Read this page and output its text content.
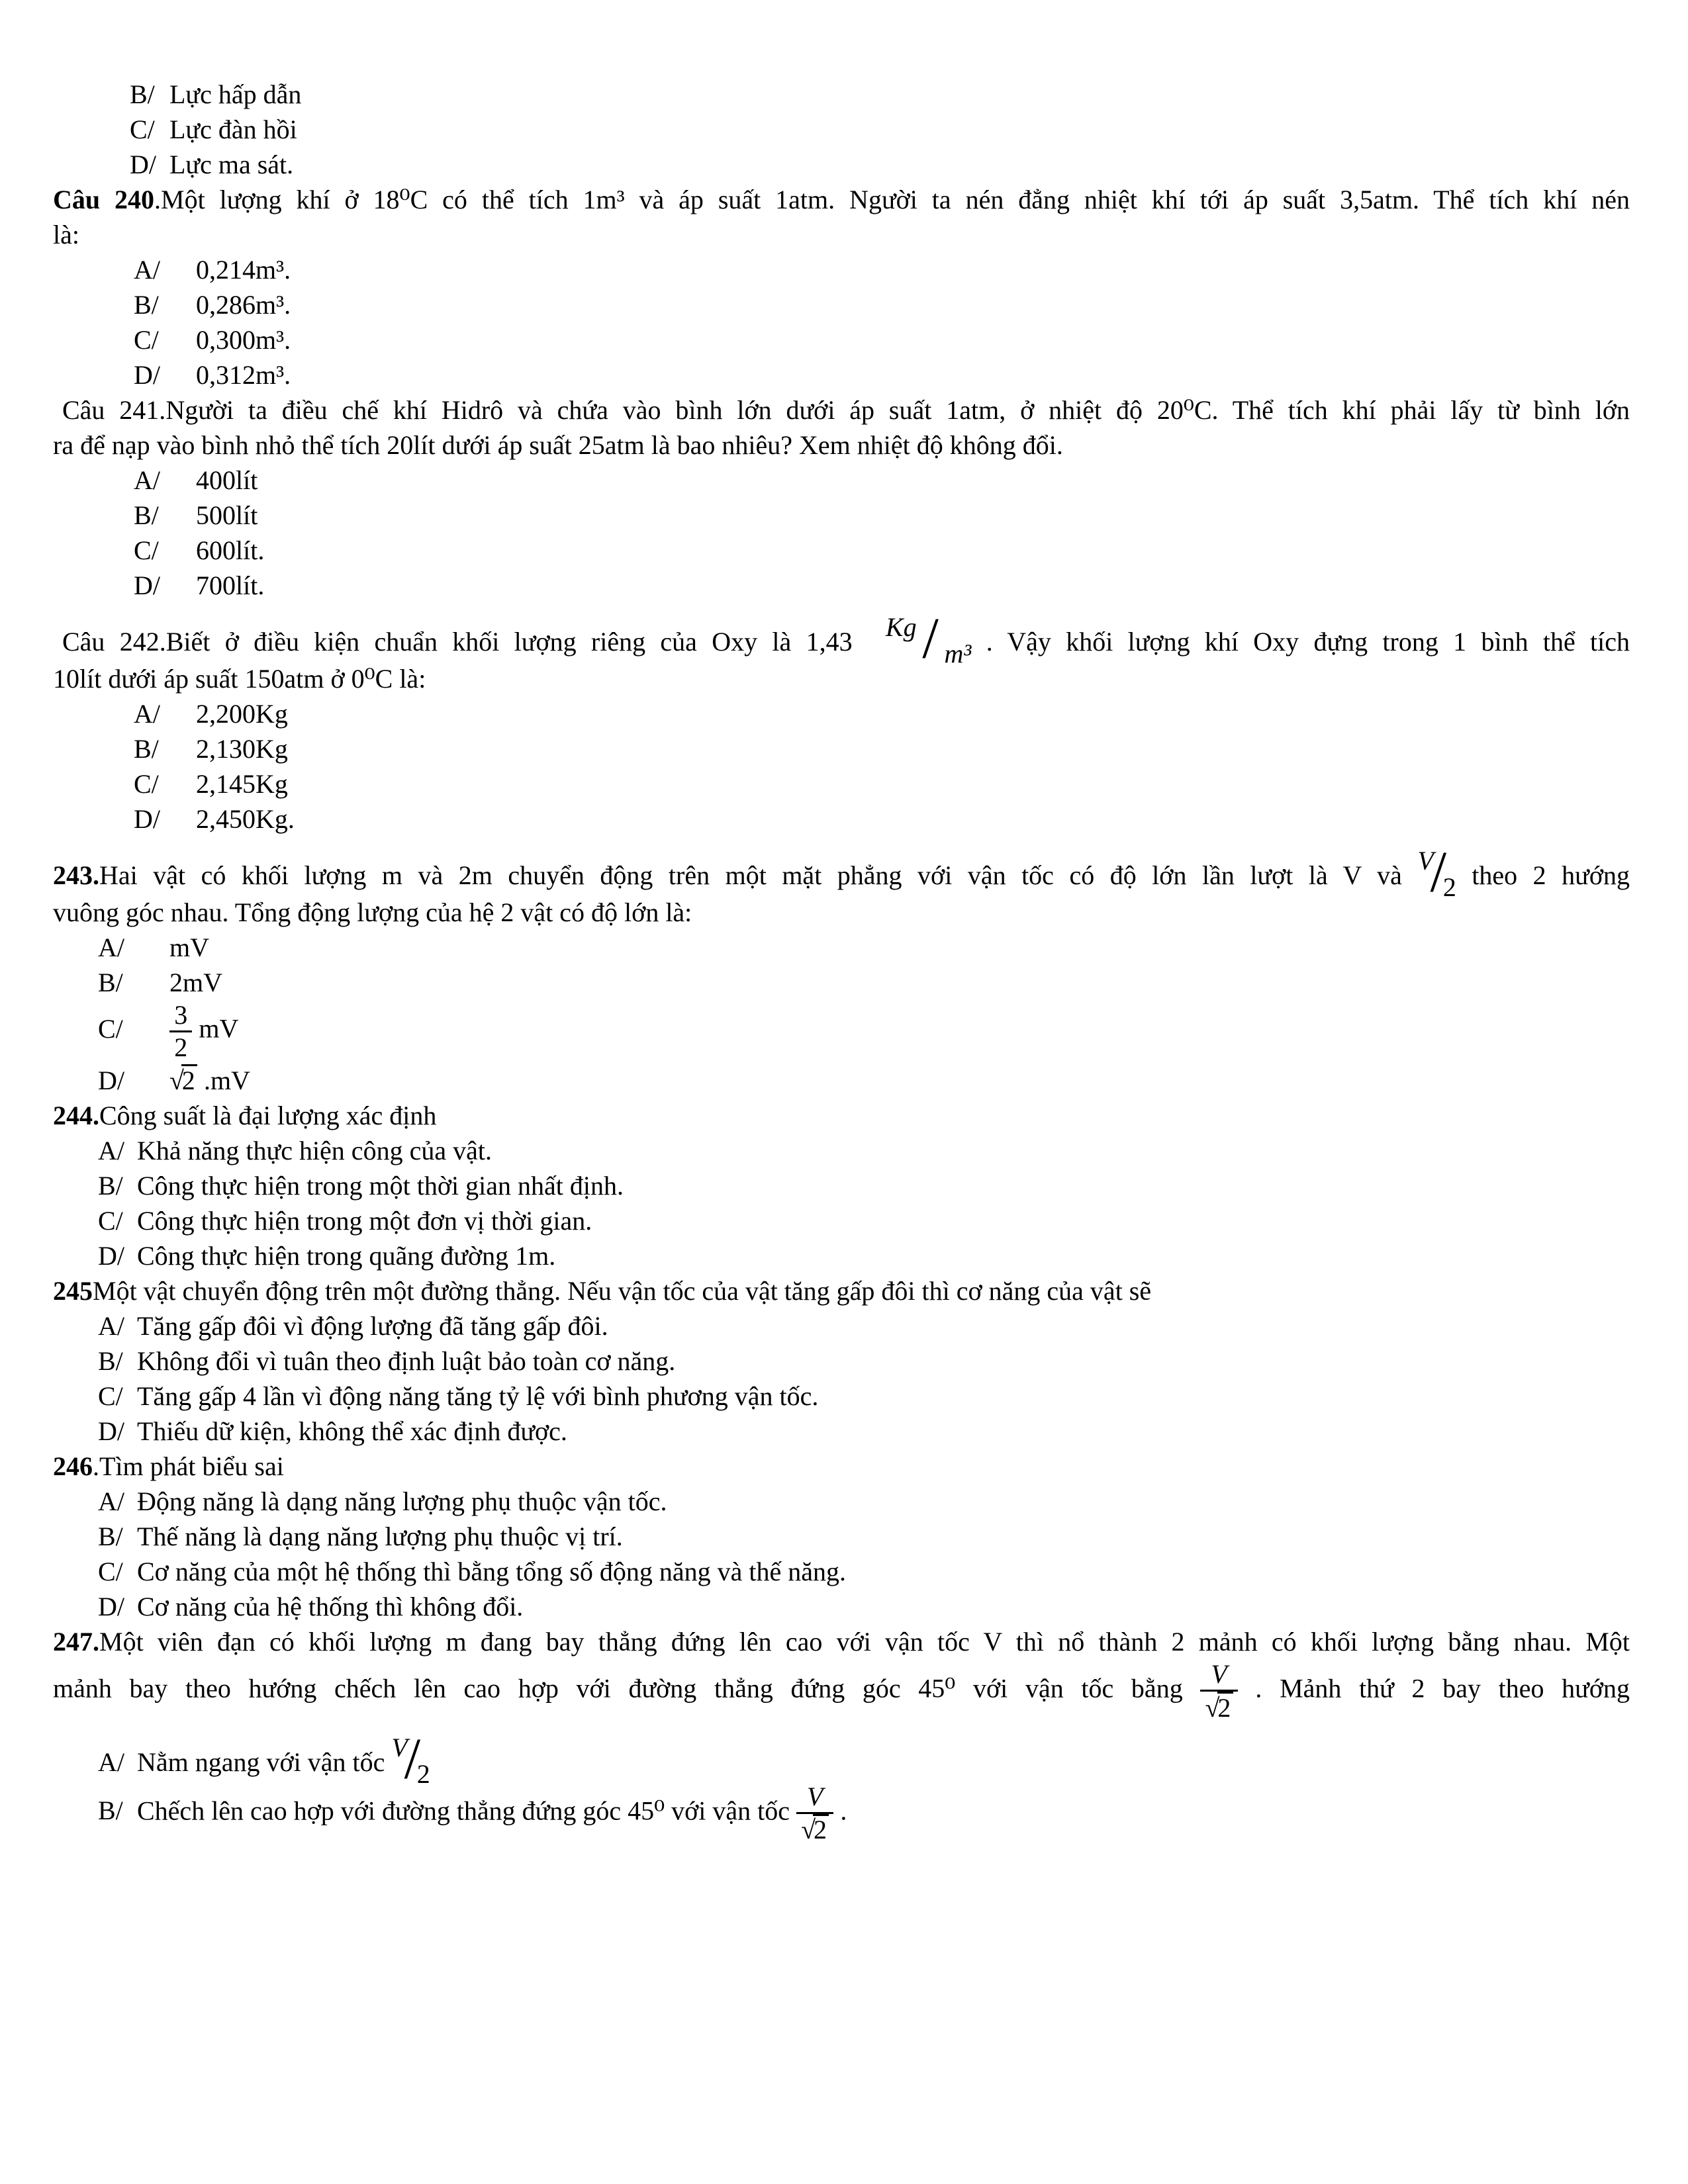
B/ Lực hấp dẫn
C/ Lực đàn hồi
D/ Lực ma sát.
Câu 240.Một lượng khí ở 18⁰C có thể tích 1m³ và áp suất 1atm. Người ta nén đẳng nhiệt khí tới áp suất 3,5atm. Thể tích khí nén
là:
A/ 0,214m³.
B/ 0,286m³.
C/ 0,300m³.
D/ 0,312m³.
Câu 241.Người ta điều chế khí Hidrô và chứa vào bình lớn dưới áp suất 1atm, ở nhiệt độ 20⁰C. Thể tích khí phải lấy từ bình lớn
ra để nạp vào bình nhỏ thể tích 20lít dưới áp suất 25atm là bao nhiêu? Xem nhiệt độ không đổi.
A/ 400lít
B/ 500lít
C/ 600lít.
D/ 700lít.
Câu 242.Biết ở điều kiện chuẩn khối lượng riêng của Oxy là 1,43 Kg/ m³ . Vậy khối lượng khí Oxy đựng trong 1 bình thể tích
10lít dưới áp suất 150atm ở 0⁰C là:
A/ 2,200Kg
B/ 2,130Kg
C/ 2,145Kg
D/ 2,450Kg.
243.Hai vật có khối lượng m và 2m chuyển động trên một mặt phẳng với vận tốc có độ lớn lần lượt là V và V/2 theo 2 hướng
vuông góc nhau. Tổng động lượng của hệ 2 vật có độ lớn là:
A/ mV
B/ 2mV
$C/ \frac{3}{2}$ mV
D/ √2 .mV
244.Công suất là đại lượng xác định
A/ Khả năng thực hiện công của vật.
B/ Công thực hiện trong một thời gian nhất định.
C/ Công thực hiện trong một đơn vị thời gian.
D/ Công thực hiện trong quãng đường 1m.
245Một vật chuyển động trên một đường thẳng. Nếu vận tốc của vật tăng gấp đôi thì cơ năng của vật sẽ
A/ Tăng gấp đôi vì động lượng đã tăng gấp đôi.
B/ Không đổi vì tuân theo định luật bảo toàn cơ năng.
C/ Tăng gấp 4 lần vì động năng tăng tỷ lệ với bình phương vận tốc.
D/ Thiếu dữ kiện, không thể xác định được.
246.Tìm phát biểu sai
A/ Động năng là dạng năng lượng phụ thuộc vận tốc.
B/ Thế năng là dạng năng lượng phụ thuộc vị trí.
C/ Cơ năng của một hệ thống thì bằng tổng số động năng và thế năng.
D/ Cơ năng của hệ thống thì không đổi.
247.Một viên đạn có khối lượng m đang bay thẳng đứng lên cao với vận tốc V thì nổ thành 2 mảnh có khối lượng bằng nhau. Một
mảnh bay theo hướng chếch lên cao hợp với đường thẳng đứng góc 45⁰ với vận tốc bằng $\frac{V}{√2}$ . Mảnh thứ 2 bay theo hướng
A/ Nằm ngang với vận tốc V/2
B/ Chếch lên cao hợp với đường thẳng đứng góc 45⁰ với vận tốc $\frac{V}{√2}$ .
